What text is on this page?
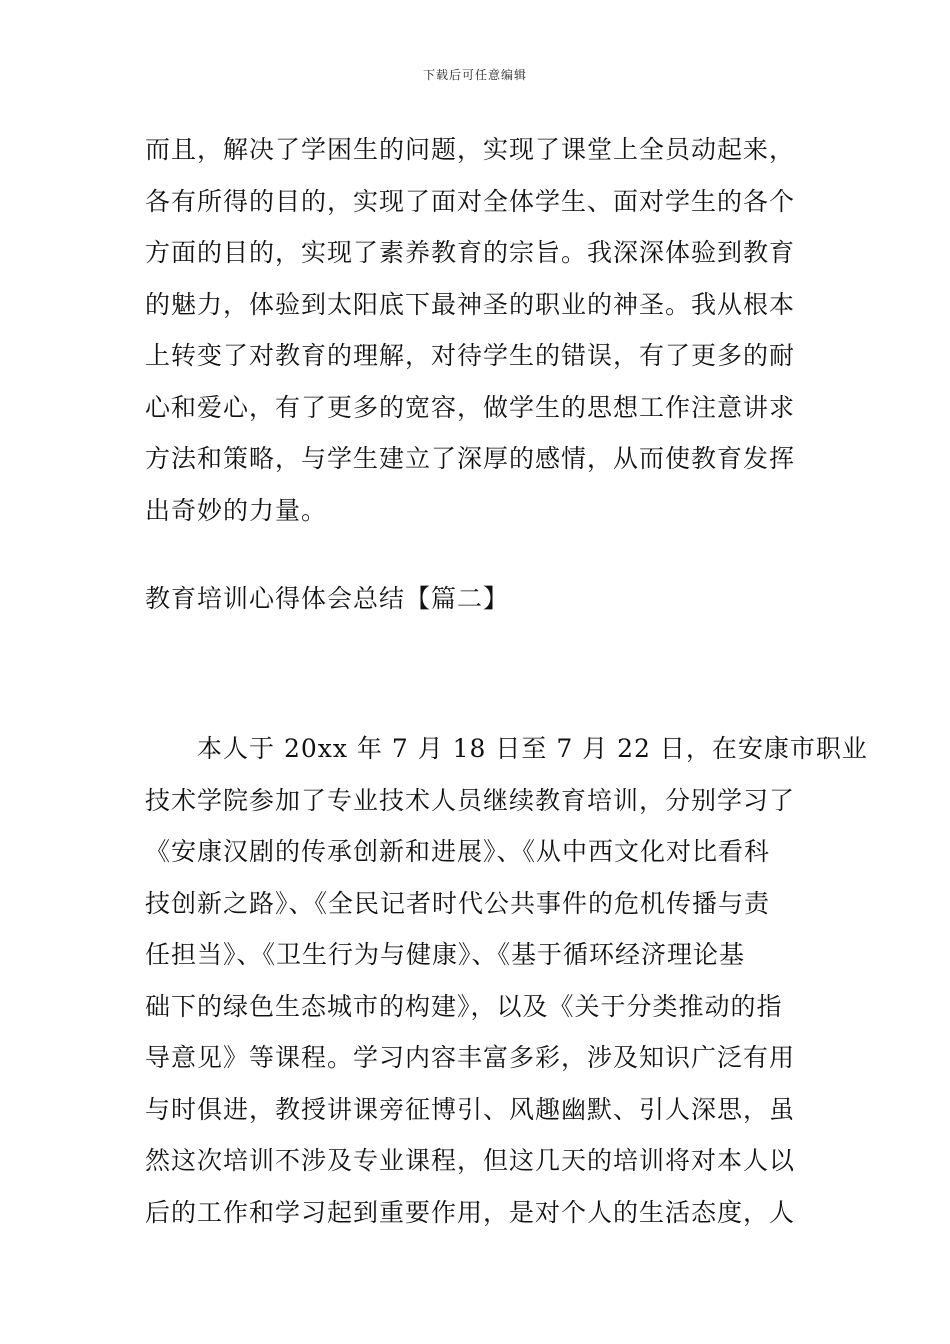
下载后可任意编辑
而且，解决了学困生的问题，实现了课堂上全员动起来，
各有所得的目的，实现了面对全体学生、面对学生的各个
方面的目的，实现了素养教育的宗旨。我深深体验到教育
的魅力，体验到太阳底下最神圣的职业的神圣。我从根本
上转变了对教育的理解，对待学生的错误，有了更多的耐
心和爱心，有了更多的宽容，做学生的思想工作注意讲求
方法和策略，与学生建立了深厚的感情，从而使教育发挥
出奇妙的力量。
教育培训心得体会总结【篇二】
　　本人于 20xx 年 7 月 18 日至 7 月 22 日，在安康市职业
技术学院参加了专业技术人员继续教育培训，分别学习了
《安康汉剧的传承创新和进展》、《从中西文化对比看科
技创新之路》、《全民记者时代公共事件的危机传播与责
任担当》、《卫生行为与健康》、《基于循环经济理论基
础下的绿色生态城市的构建》，以及《关于分类推动的指
导意见》等课程。学习内容丰富多彩，涉及知识广泛有用
与时俱进，教授讲课旁征博引、风趣幽默、引人深思，虽
然这次培训不涉及专业课程，但这几天的培训将对本人以
后的工作和学习起到重要作用，是对个人的生活态度，人
